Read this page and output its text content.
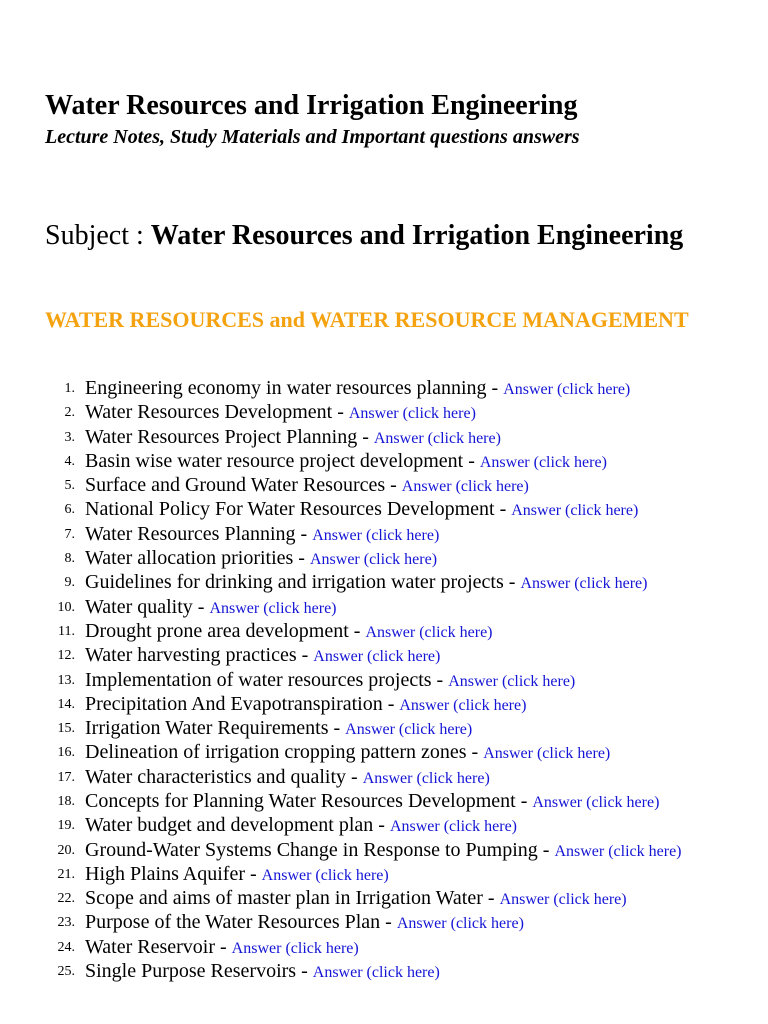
Water Resources and Irrigation Engineering

Lecture Notes, Study Materials and Important questions answers

Subject : Water Resources and Irrigation Engineering
WATER RESOURCES and WATER RESOURCE MANAGEMENT
1. Engineering economy in water resources planning - Answer (click here)
2. Water Resources Development - Answer (click here)
3. Water Resources Project Planning - Answer (click here)
4. Basin wise water resource project development - Answer (click here)
5. Surface and Ground Water Resources - Answer (click here)
6. National Policy For Water Resources Development - Answer (click here)
7. Water Resources Planning - Answer (click here)
8. Water allocation priorities - Answer (click here)
9. Guidelines for drinking and irrigation water projects - Answer (click here)
10. Water quality - Answer (click here)
11. Drought prone area development - Answer (click here)
12. Water harvesting practices - Answer (click here)
13. Implementation of water resources projects - Answer (click here)
14. Precipitation And Evapotranspiration - Answer (click here)
15. Irrigation Water Requirements - Answer (click here)
16. Delineation of irrigation cropping pattern zones - Answer (click here)
17. Water characteristics and quality - Answer (click here)
18. Concepts for Planning Water Resources Development - Answer (click here)
19. Water budget and development plan - Answer (click here)
20. Ground-Water Systems Change in Response to Pumping - Answer (click here)
21. High Plains Aquifer - Answer (click here)
22. Scope and aims of master plan in Irrigation Water - Answer (click here)
23. Purpose of the Water Resources Plan - Answer (click here)
24. Water Reservoir - Answer (click here)
25. Single Purpose Reservoirs - Answer (click here)
